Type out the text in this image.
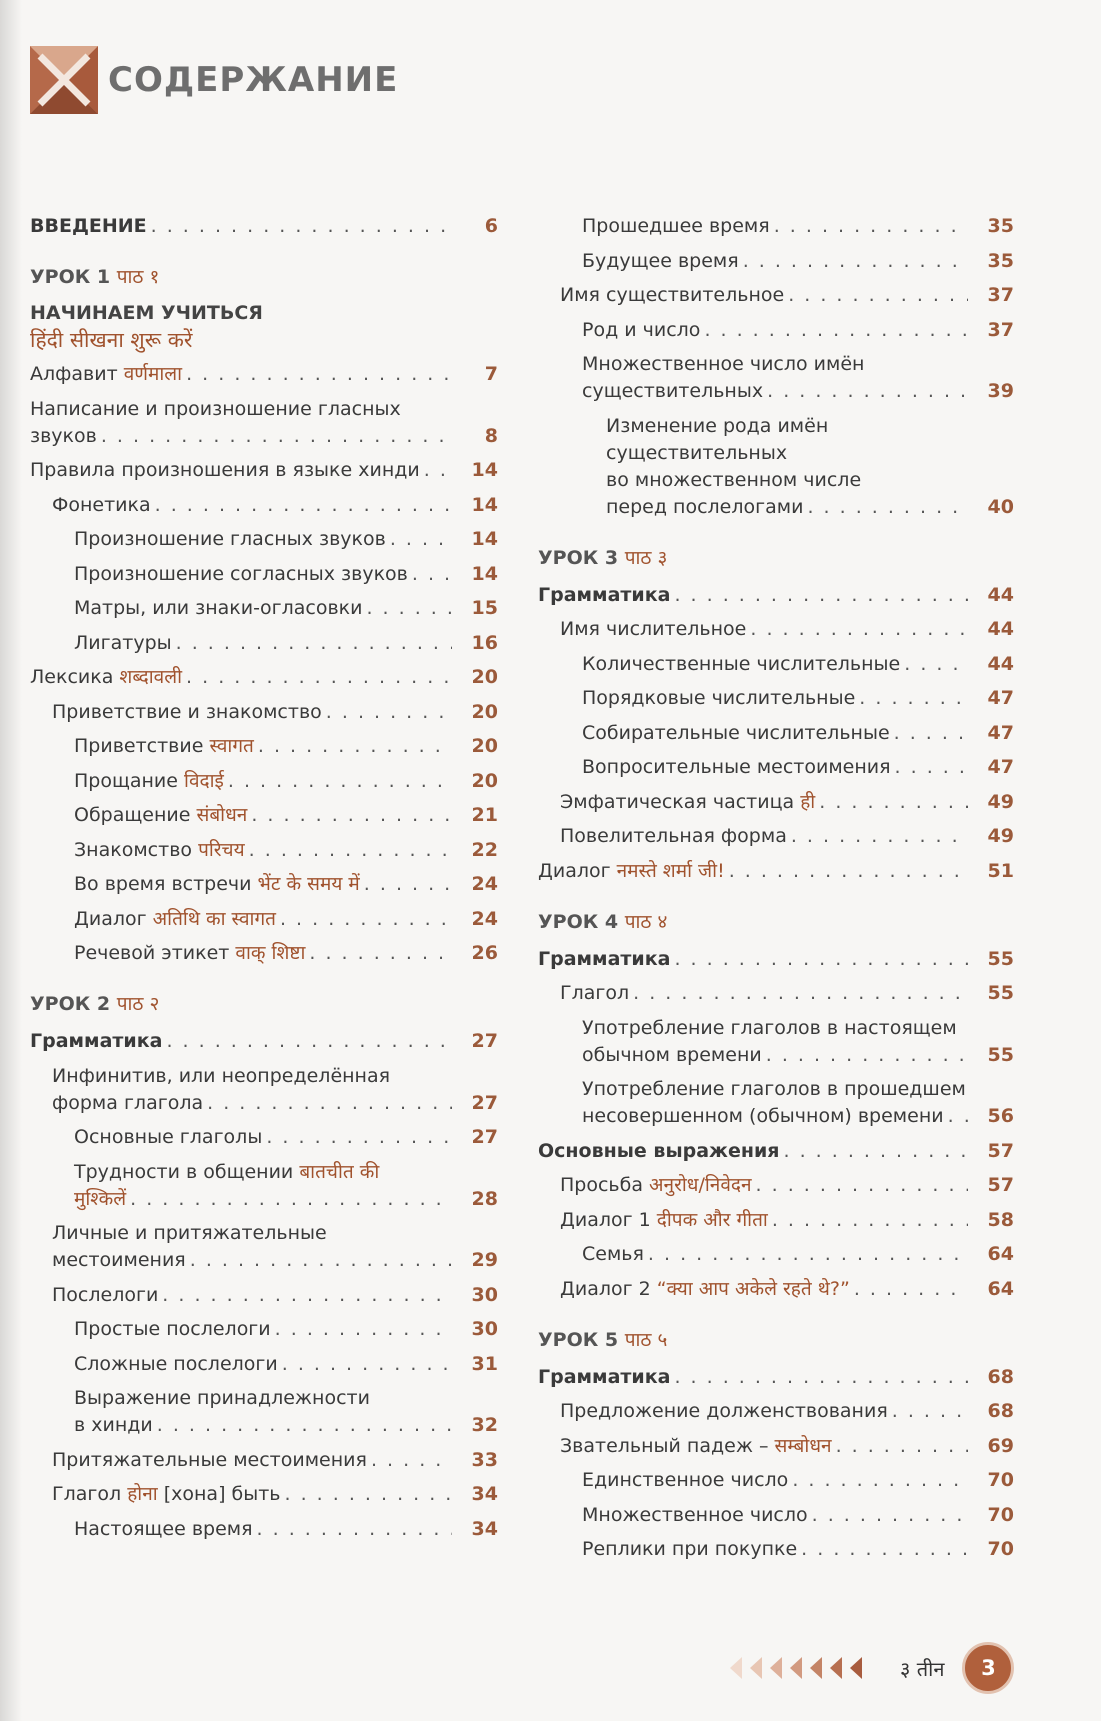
СОДЕРЖАНИЕ
ВВЕДЕНИЕ . . .	6
УРОК 1 पाठ १
НАЧИНАЕМ УЧИТЬСЯ
हिंदी सीखना शुरू करें
Алфавит वर्णमाला . . .	7
Написание и произношение гласных
звуков . . .	8
Правила произношения в языке хинди . . .	14
Фонетика . . .	14
Произношение гласных звуков . . .	14
Произношение согласных звуков . . .	14
Матры, или знаки-огласовки . . .	15
Лигатуры . . .	16
Лексика शब्दावली . . .	20
Приветствие и знакомство . . .	20
Приветствие स्वागत . . .	20
Прощание विदाई . . .	20
Обращение संबोधन . . .	21
Знакомство परिचय . . .	22
Во время встречи भेंट के समय में . . .	24
Диалог अतिथि का स्वागत . . .	24
Речевой этикет वाक् शिष्टा . . .	26
УРОК 2 पाठ २
Грамматика . . .	27
Инфинитив, или неопределённая
форма глагола . . .	27
Основные глаголы . . .	27
Трудности в общении बातचीत की
मुश्किलें . . .	28
Личные и притяжательные
местоимения . . .	29
Послелоги . . .	30
Простые послелоги . . .	30
Сложные послелоги . . .	31
Выражение принадлежности
в хинди . . .	32
Притяжательные местоимения . . .	33
Глагол होना [хона] быть . . .	34
Настоящее время . . .	34
Прошедшее время . . .	35
Будущее время . . .	35
Имя существительное . . .	37
Род и число . . .	37
Множественное число имён
существительных . . .	39
Изменение рода имён
существительных
во множественном числе
перед послелогами . . .	40
УРОК 3 पाठ ३
Грамматика . . .	44
Имя числительное . . .	44
Количественные числительные . . .	44
Порядковые числительные . . .	47
Собирательные числительные . . .	47
Вопросительные местоимения . . .	47
Эмфатическая частица ही . . .	49
Повелительная форма . . .	49
Диалог नमस्ते शर्मा जी! . . .	51
УРОК 4 पाठ ४
Грамматика . . .	55
Глагол . . .	55
Употребление глаголов в настоящем
обычном времени . . .	55
Употребление глаголов в прошедшем
несовершенном (обычном) времени . . .	56
Основные выражения . . .	57
Просьба अनुरोध/निवेदन . . .	57
Диалог 1 दीपक और गीता . . .	58
Семья . . .	64
Диалог 2 “क्या आप अकेले रहते थे?” . . .	64
УРОК 5 पाठ ५
Грамматика . . .	68
Предложение долженствования . . .	68
Звательный падеж – सम्बोधन . . .	69
Единственное число . . .	70
Множественное число . . .	70
Реплики при покупке . . .	70
३ तीन	3
